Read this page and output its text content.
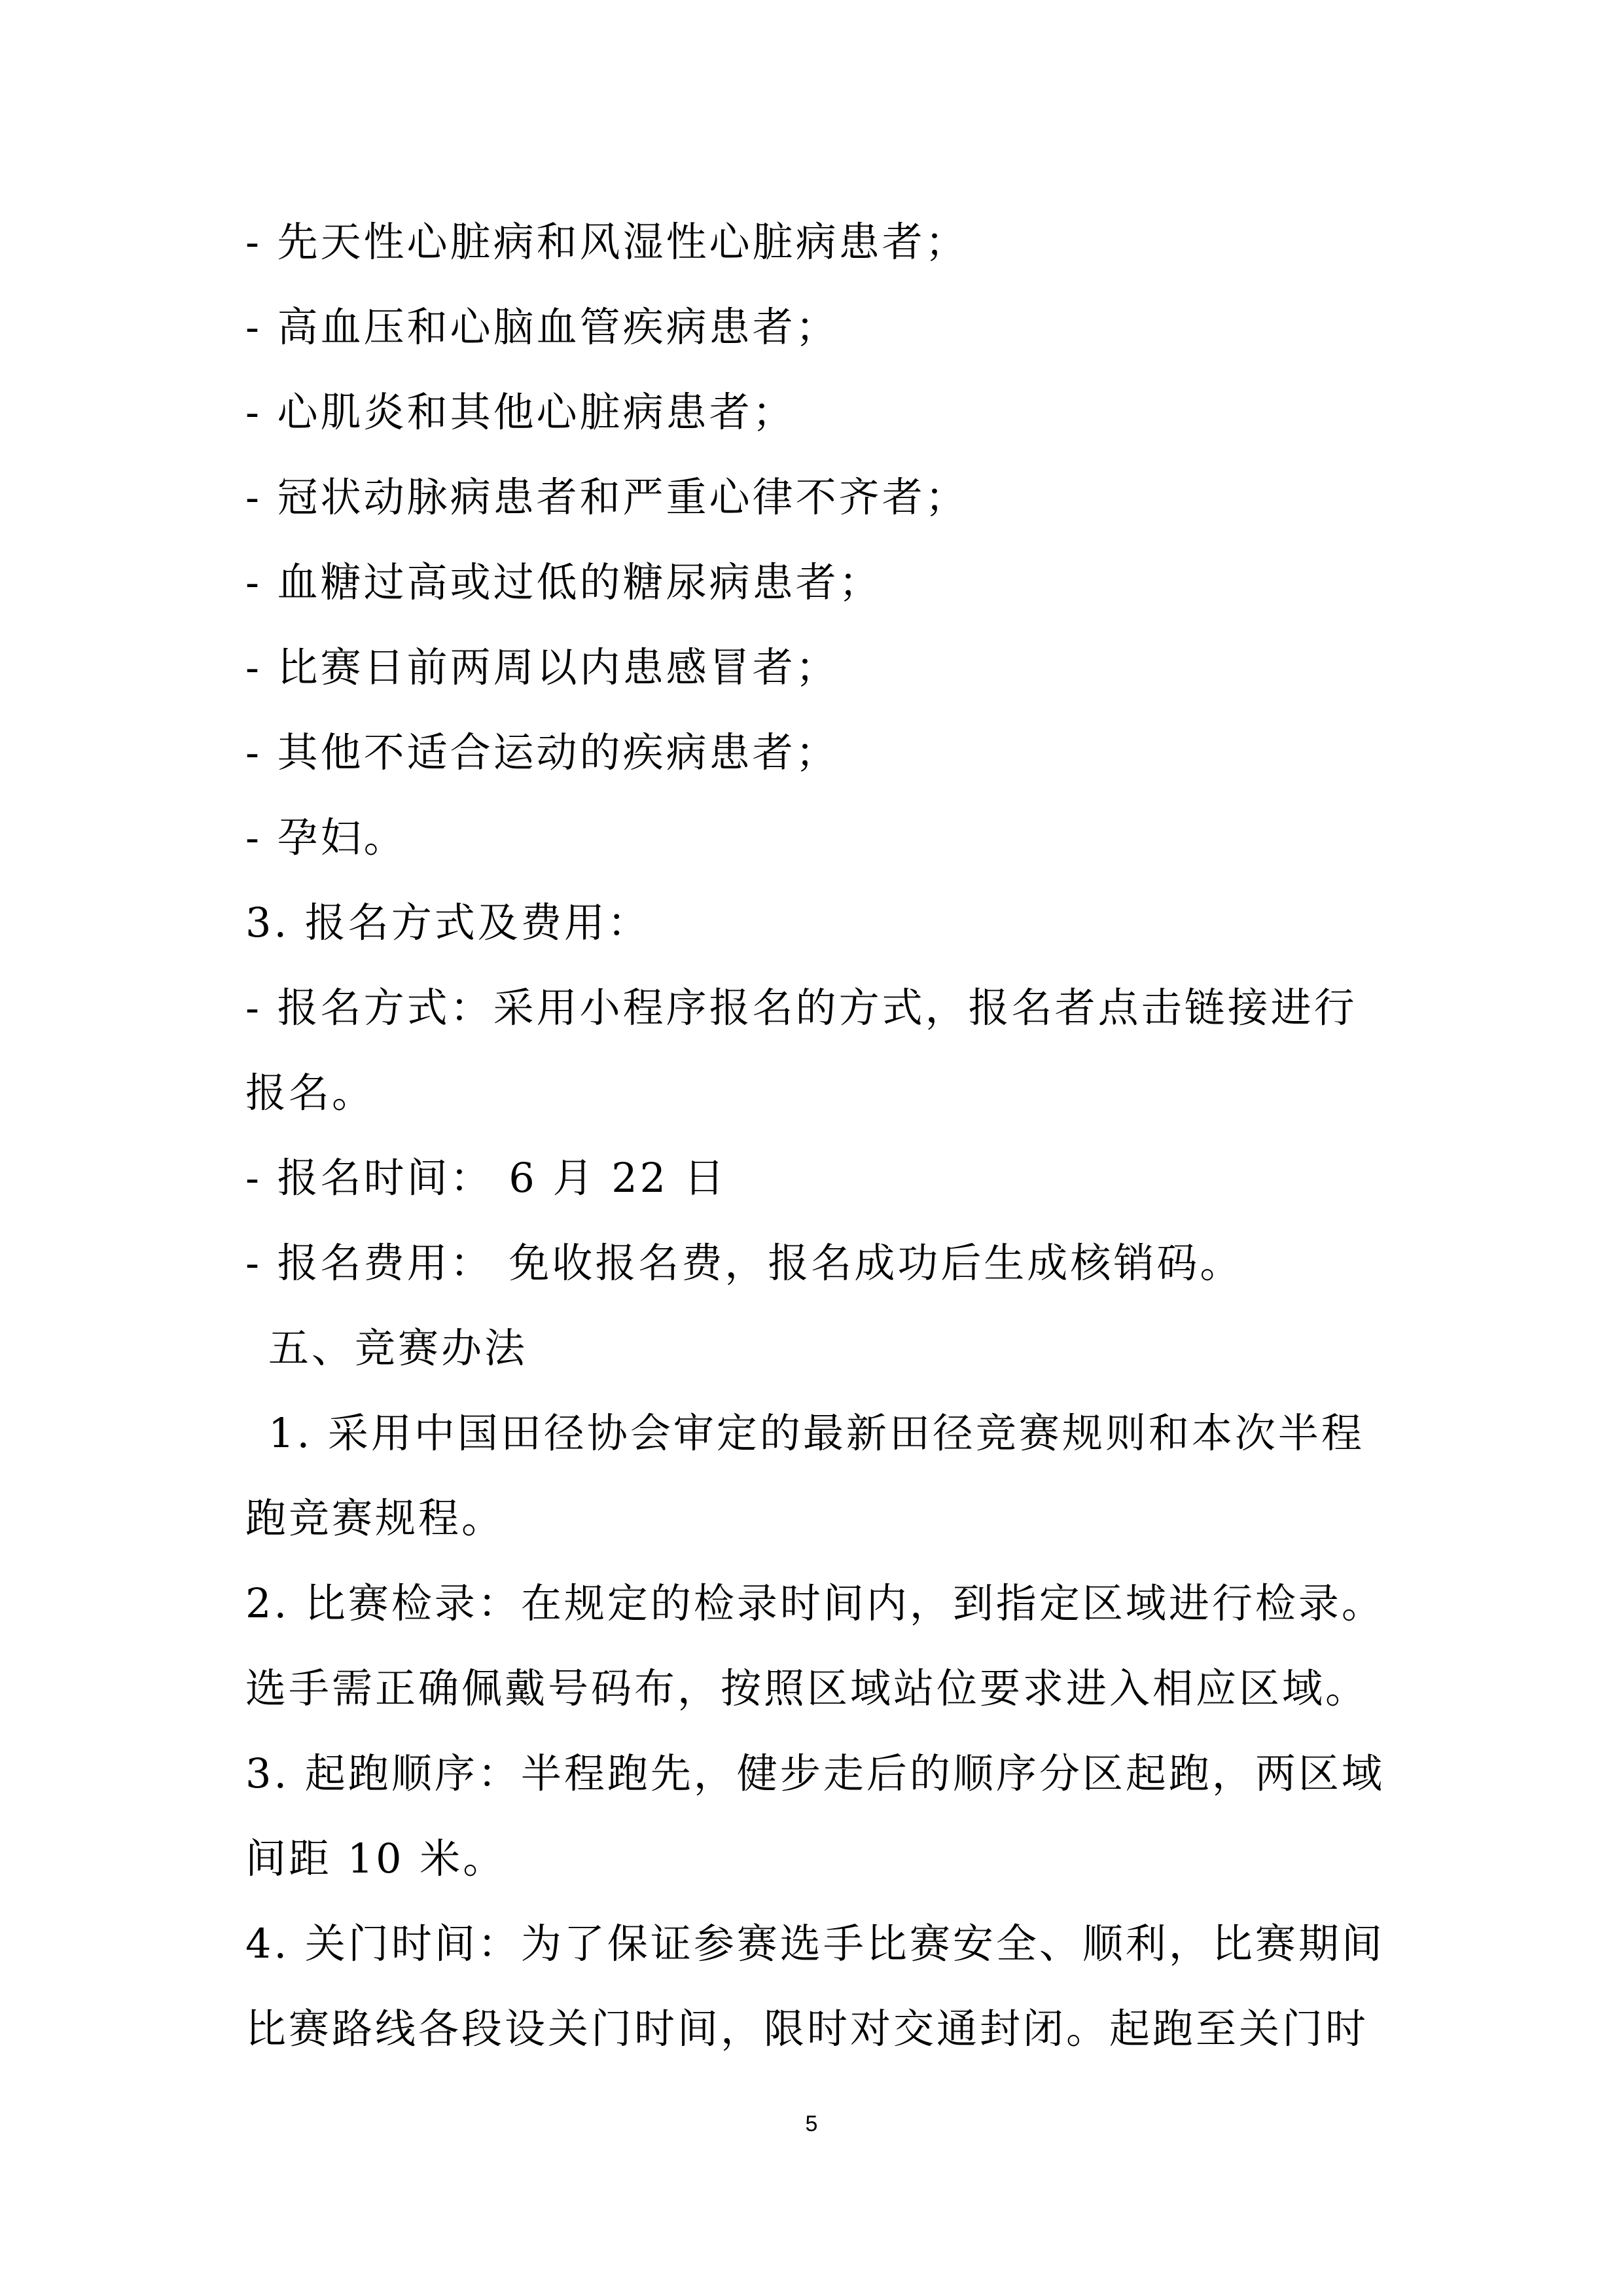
- 先天性心脏病和风湿性心脏病患者；
- 高血压和心脑血管疾病患者；
- 心肌炎和其他心脏病患者；
- 冠状动脉病患者和严重心律不齐者；
- 血糖过高或过低的糖尿病患者；
- 比赛日前两周以内患感冒者；
- 其他不适合运动的疾病患者；
- 孕妇。
3. 报名方式及费用：
- 报名方式：采用小程序报名的方式，报名者点击链接进行
报名。
- 报名时间： 6 月 22 日
- 报名费用： 免收报名费，报名成功后生成核销码。
五、竞赛办法
1. 采用中国田径协会审定的最新田径竞赛规则和本次半程
跑竞赛规程。
2. 比赛检录：在规定的检录时间内，到指定区域进行检录。
选手需正确佩戴号码布，按照区域站位要求进入相应区域。
3. 起跑顺序：半程跑先，健步走后的顺序分区起跑，两区域
间距 10 米。
4. 关门时间：为了保证参赛选手比赛安全、顺利，比赛期间
比赛路线各段设关门时间，限时对交通封闭。起跑至关门时
5
